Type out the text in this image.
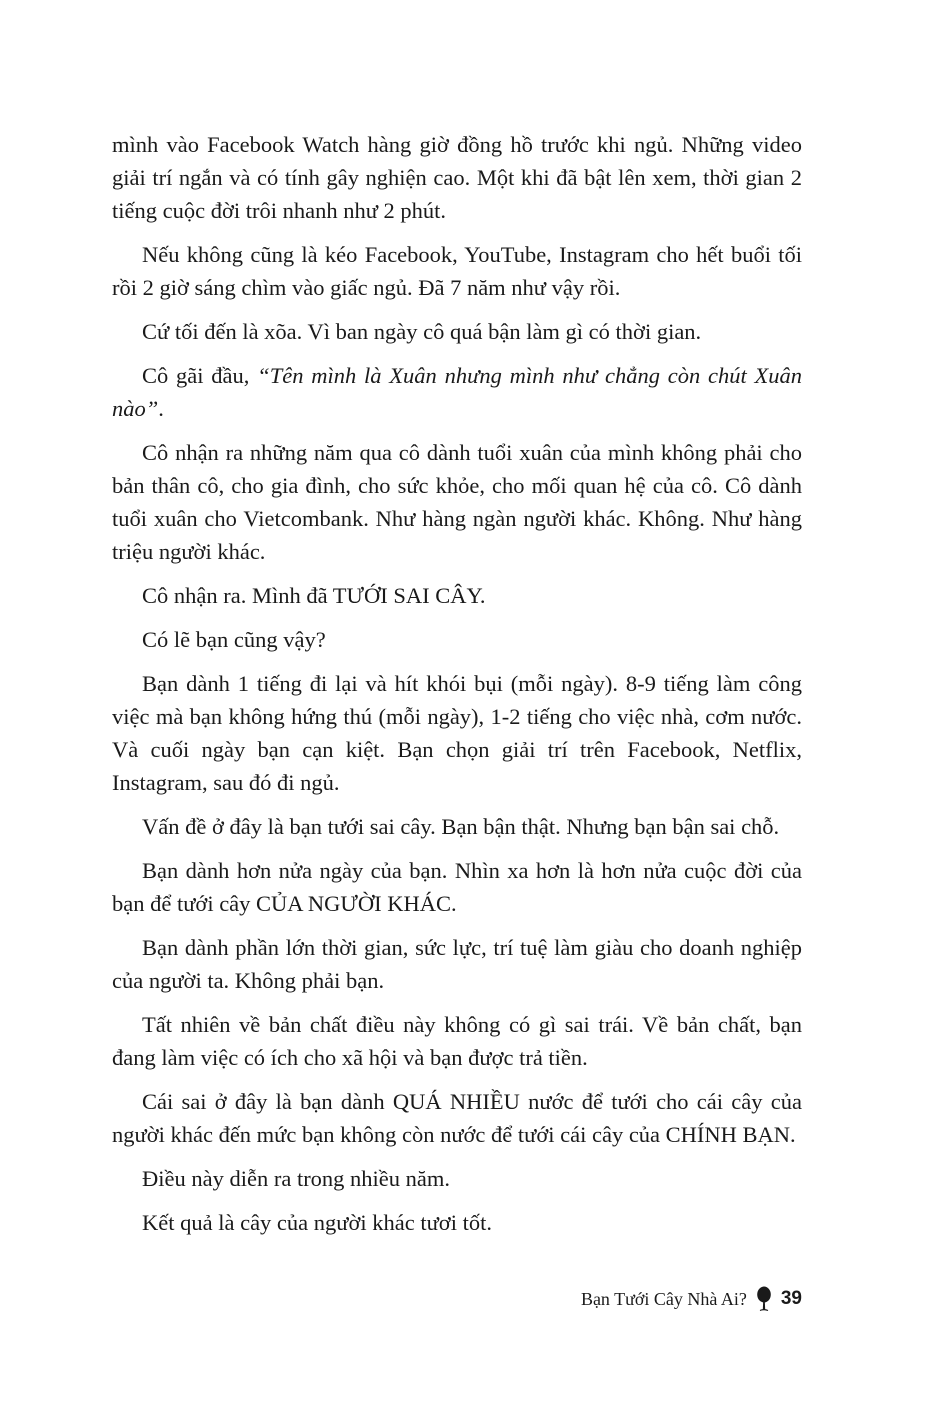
mình vào Facebook Watch hàng giờ đồng hồ trước khi ngủ. Những video giải trí ngắn và có tính gây nghiện cao. Một khi đã bật lên xem, thời gian 2 tiếng cuộc đời trôi nhanh như 2 phút.

Nếu không cũng là kéo Facebook, YouTube, Instagram cho hết buổi tối rồi 2 giờ sáng chìm vào giấc ngủ. Đã 7 năm như vậy rồi.

Cứ tối đến là xõa. Vì ban ngày cô quá bận làm gì có thời gian.

Cô gãi đầu, “Tên mình là Xuân nhưng mình như chẳng còn chút Xuân nào”.

Cô nhận ra những năm qua cô dành tuổi xuân của mình không phải cho bản thân cô, cho gia đình, cho sức khỏe, cho mối quan hệ của cô. Cô dành tuổi xuân cho Vietcombank. Như hàng ngàn người khác. Không. Như hàng triệu người khác.

Cô nhận ra. Mình đã TƯỚI SAI CÂY.

Có lẽ bạn cũng vậy?

Bạn dành 1 tiếng đi lại và hít khói bụi (mỗi ngày). 8-9 tiếng làm công việc mà bạn không hứng thú (mỗi ngày), 1-2 tiếng cho việc nhà, cơm nước. Và cuối ngày bạn cạn kiệt. Bạn chọn giải trí trên Facebook, Netflix, Instagram, sau đó đi ngủ.

Vấn đề ở đây là bạn tưới sai cây. Bạn bận thật. Nhưng bạn bận sai chỗ.

Bạn dành hơn nửa ngày của bạn. Nhìn xa hơn là hơn nửa cuộc đời của bạn để tưới cây CỦA NGƯỜI KHÁC.

Bạn dành phần lớn thời gian, sức lực, trí tuệ làm giàu cho doanh nghiệp của người ta. Không phải bạn.

Tất nhiên về bản chất điều này không có gì sai trái. Về bản chất, bạn đang làm việc có ích cho xã hội và bạn được trả tiền.

Cái sai ở đây là bạn dành QUÁ NHIỀU nước để tưới cho cái cây của người khác đến mức bạn không còn nước để tưới cái cây của CHÍNH BẠN.

Điều này diễn ra trong nhiều năm.

Kết quả là cây của người khác tươi tốt.

Bạn Tưới Cây Nhà Ai? 39
